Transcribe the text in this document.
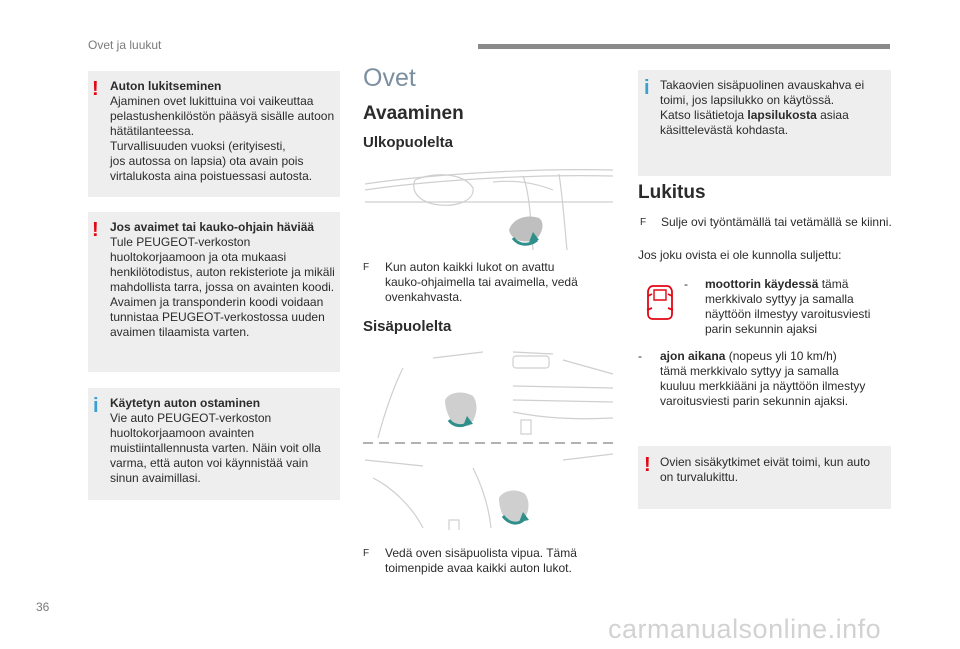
Ovet ja luukut
! Auton lukitseminen
Ajaminen ovet lukittuina voi vaikeuttaa
pelastushenkilöstön pääsyä sisälle autoon
hätätilanteessa.
Turvallisuuden vuoksi (erityisesti,
jos autossa on lapsia) ota avain pois
virtalukosta aina poistuessasi autosta.
! Jos avaimet tai kauko-ohjain häviää
Tule PEUGEOT-verkoston
huoltokorjaamoon ja ota mukaasi
henkilötodistus, auton rekisteriote ja mikäli
mahdollista tarra, jossa on avainten koodi.
Avaimen ja transponderin koodi voidaan
tunnistaa PEUGEOT-verkostossa uuden
avaimen tilaamista varten.
i Käytetyn auton ostaminen
Vie auto PEUGEOT-verkoston
huoltokorjaamoon avainten
muistiintallennusta varten. Näin voit olla
varma, että auton voi käynnistää vain
sinun avaimillasi.
Ovet
Avaaminen
Ulkopuolelta
F Kun auton kaikki lukot on avattu
kauko-ohjaimella tai avaimella, vedä
ovenkahvasta.
Sisäpuolelta
F Vedä oven sisäpuolista vipua. Tämä
toimenpide avaa kaikki auton lukot.
i Takaovien sisäpuolinen avauskahva ei
toimi, jos lapsilukko on käytössä.
Katso lisätietoja lapsilukosta asiaa
käsittelevästä kohdasta.
Lukitus
F Sulje ovi työntämällä tai vetämällä se kiinni.
Jos joku ovista ei ole kunnolla suljettu:
- moottorin käydessä tämä
merkkivalo syttyy ja samalla
näyttöön ilmestyy varoitusviesti
parin sekunnin ajaksi
- ajon aikana (nopeus yli 10 km/h)
tämä merkkivalo syttyy ja samalla
kuuluu merkkiääni ja näyttöön ilmestyy
varoitusviesti parin sekunnin ajaksi.
! Ovien sisäkytkimet eivät toimi, kun auto
on turvalukittu.
36
carmanualsonline.info
